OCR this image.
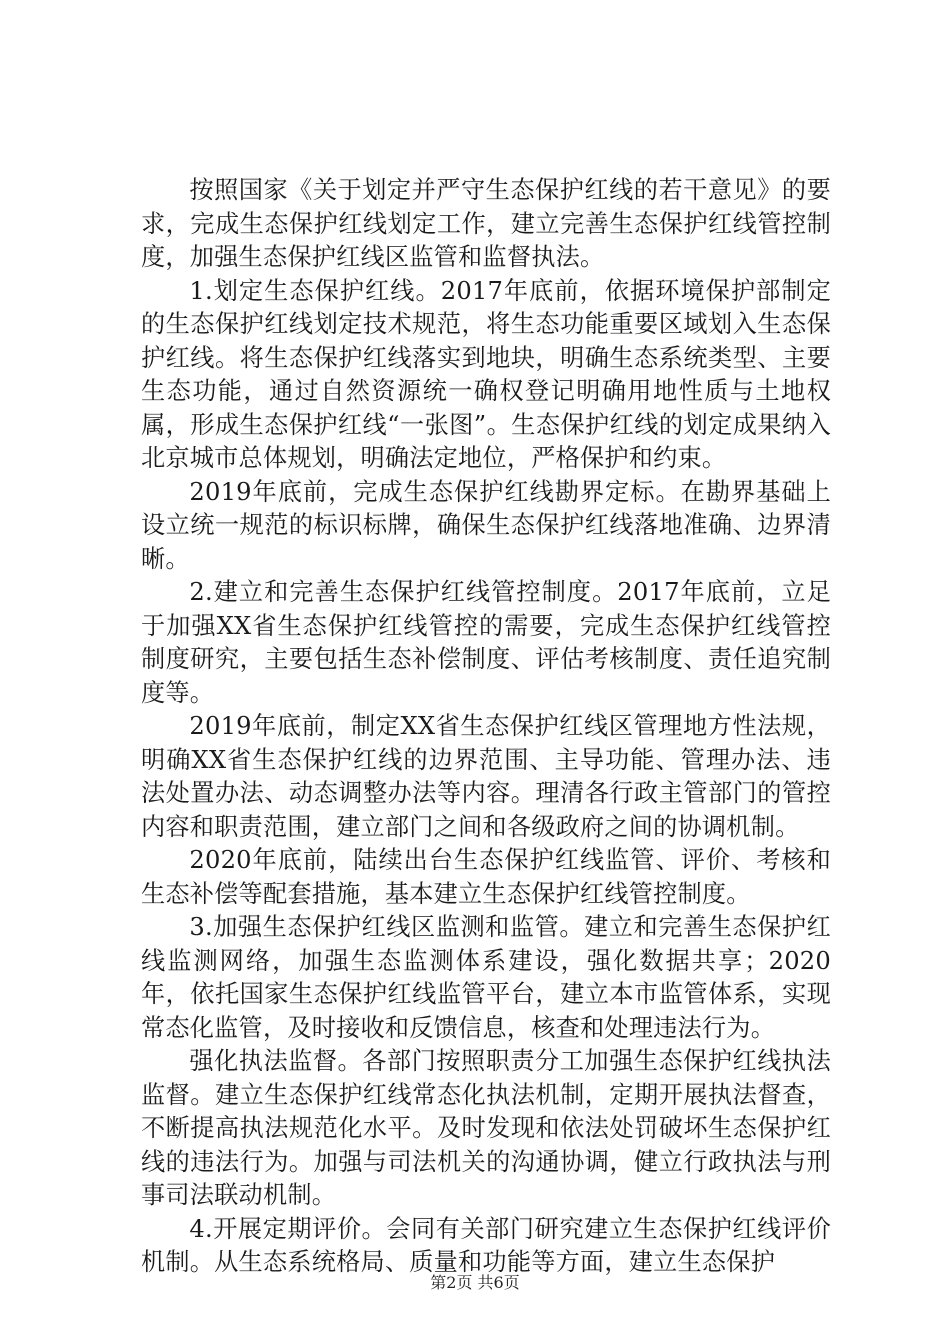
按照国家《关于划定并严守生态保护红线的若干意见》的要求，完成生态保护红线划定工作，建立完善生态保护红线管控制度，加强生态保护红线区监管和监督执法。

1.划定生态保护红线。2017年底前，依据环境保护部制定的生态保护红线划定技术规范，将生态功能重要区域划入生态保护红线。将生态保护红线落实到地块，明确生态系统类型、主要生态功能，通过自然资源统一确权登记明确用地性质与土地权属，形成生态保护红线“一张图”。生态保护红线的划定成果纳入北京城市总体规划，明确法定地位，严格保护和约束。

2019年底前，完成生态保护红线勘界定标。在勘界基础上设立统一规范的标识标牌，确保生态保护红线落地准确、边界清晰。

2.建立和完善生态保护红线管控制度。2017年底前，立足于加强XX省生态保护红线管控的需要，完成生态保护红线管控制度研究，主要包括生态补偿制度、评估考核制度、责任追究制度等。

2019年底前，制定XX省生态保护红线区管理地方性法规，明确XX省生态保护红线的边界范围、主导功能、管理办法、违法处置办法、动态调整办法等内容。理清各行政主管部门的管控内容和职责范围，建立部门之间和各级政府之间的协调机制。

2020年底前，陆续出台生态保护红线监管、评价、考核和生态补偿等配套措施，基本建立生态保护红线管控制度。

3.加强生态保护红线区监测和监管。建立和完善生态保护红线监测网络，加强生态监测体系建设，强化数据共享；2020年，依托国家生态保护红线监管平台，建立本市监管体系，实现常态化监管，及时接收和反馈信息，核查和处理违法行为。

强化执法监督。各部门按照职责分工加强生态保护红线执法监督。建立生态保护红线常态化执法机制，定期开展执法督查，不断提高执法规范化水平。及时发现和依法处罚破坏生态保护红线的违法行为。加强与司法机关的沟通协调，健立行政执法与刑事司法联动机制。

4.开展定期评价。会同有关部门研究建立生态保护红线评价机制。从生态系统格局、质量和功能等方面，建立生态保护

第2页 共6页
